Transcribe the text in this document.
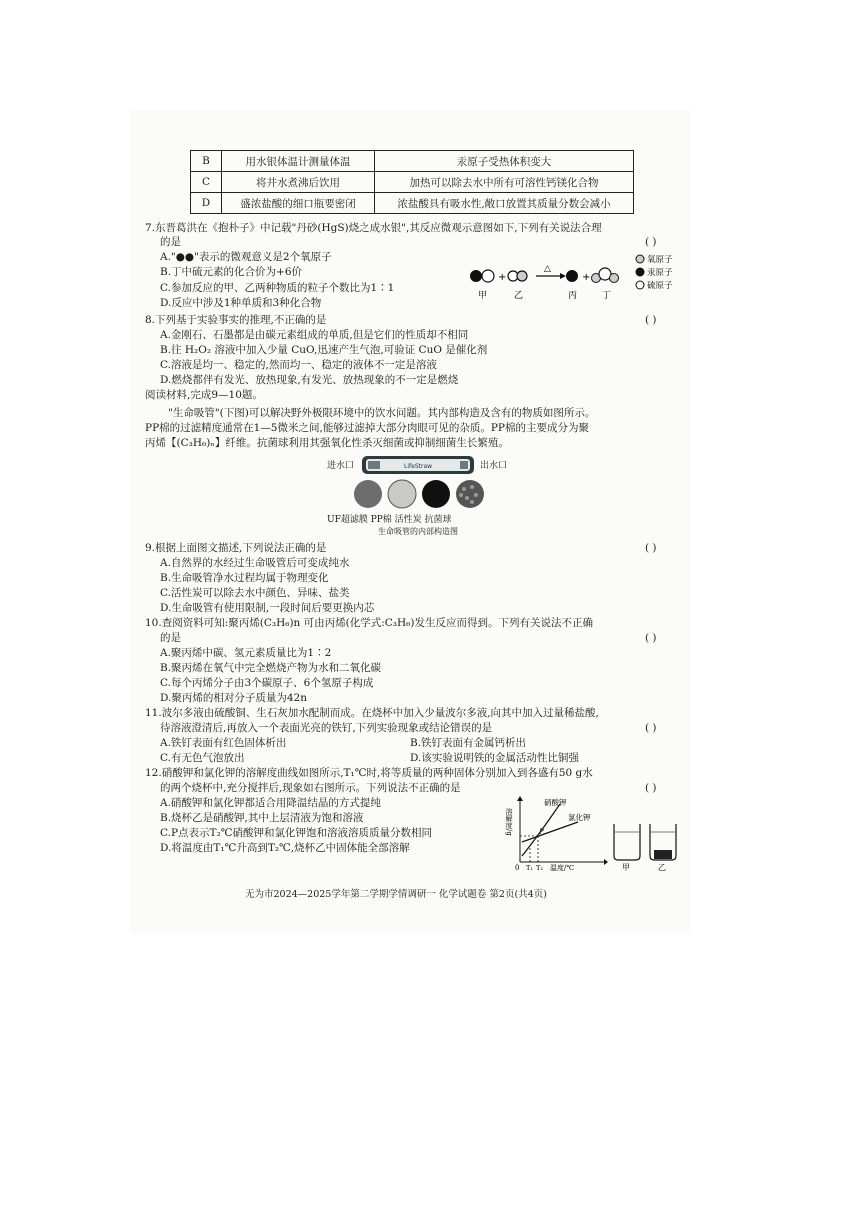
B	用水银体温计测量体温	汞原子受热体积变大
C	将井水煮沸后饮用	加热可以除去水中所有可溶性钙镁化合物
D	盛浓盐酸的细口瓶要密闭	浓盐酸具有吸水性,敞口放置其质量分数会减小
7.东晋葛洪在《抱朴子》中记载"丹砂(HgS)烧之成水银",其反应微观示意图如下,下列有关说法合理
的是	( )
A."●●"表示的微观意义是2个氧原子
B.丁中硫元素的化合价为+6价
C.参加反应的甲、乙两种物质的粒子个数比为1∶1
D.反应中涉及1种单质和3种化合物
+
△
+
甲	乙	丙	丁
氧原子
汞原子
硫原子
8.下列基于实验事实的推理,不正确的是	( )
A.金刚石、石墨都是由碳元素组成的单质,但是它们的性质却不相同
B.往 H₂O₂ 溶液中加入少量 CuO,迅速产生气泡,可验证 CuO 是催化剂
C.溶液是均一、稳定的,然而均一、稳定的液体不一定是溶液
D.燃烧都伴有发光、放热现象,有发光、放热现象的不一定是燃烧
阅读材料,完成9—10题。
"生命吸管"(下图)可以解决野外极限环境中的饮水问题。其内部构造及含有的物质如图所示。
PP棉的过滤精度通常在1—5微米之间,能够过滤掉大部分肉眼可见的杂质。PP棉的主要成分为聚
丙烯【(C₃H₆)ₙ】纤维。抗菌球利用其强氧化性杀灭细菌或抑制细菌生长繁殖。
进水口	LifeStraw	出水口
UF超滤膜 PP棉 活性炭 抗菌球
生命吸管的内部构造图
9.根据上面图文描述,下列说法正确的是	( )
A.自然界的水经过生命吸管后可变成纯水
B.生命吸管净水过程均属于物理变化
C.活性炭可以除去水中颜色、异味、盐类
D.生命吸管有使用限制,一段时间后要更换内芯
10.查阅资料可知:聚丙烯(C₃H₆)n 可由丙烯(化学式:C₃H₆)发生反应而得到。下列有关说法不正确
的是	( )
A.聚丙烯中碳、氢元素质量比为1∶2
B.聚丙烯在氧气中完全燃烧产物为水和二氧化碳
C.每个丙烯分子由3个碳原子、6个氢原子构成
D.聚丙烯的相对分子质量为42n
11.波尔多液由硫酸铜、生石灰加水配制而成。在烧杯中加入少量波尔多液,向其中加入过量稀盐酸,
待溶液澄清后,再放入一个表面光亮的铁钉,下列实验现象或结论错误的是	( )
A.铁钉表面有红色固体析出	B.铁钉表面有金属钙析出
C.有无色气泡放出	D.该实验说明铁的金属活动性比铜强
12.硝酸钾和氯化钾的溶解度曲线如图所示,T₁℃时,将等质量的两种固体分别加入到各盛有50 g水
的两个烧杯中,充分搅拌后,现象如右图所示。下列说法不正确的是	( )
A.硝酸钾和氯化钾都适合用降温结晶的方式提纯
B.烧杯乙是硝酸钾,其中上层清液为饱和溶液
C.P点表示T₂℃硝酸钾和氯化钾饱和溶液溶质质量分数相同
D.将温度由T₁℃升高到T₂℃,烧杯乙中固体能全部溶解
溶解度/g
硝酸钾
氯化钾
P
0 T₁ T₂ 温度/℃	甲	乙
无为市2024—2025学年第二学期学情调研一 化学试题卷 第2页(共4页)
